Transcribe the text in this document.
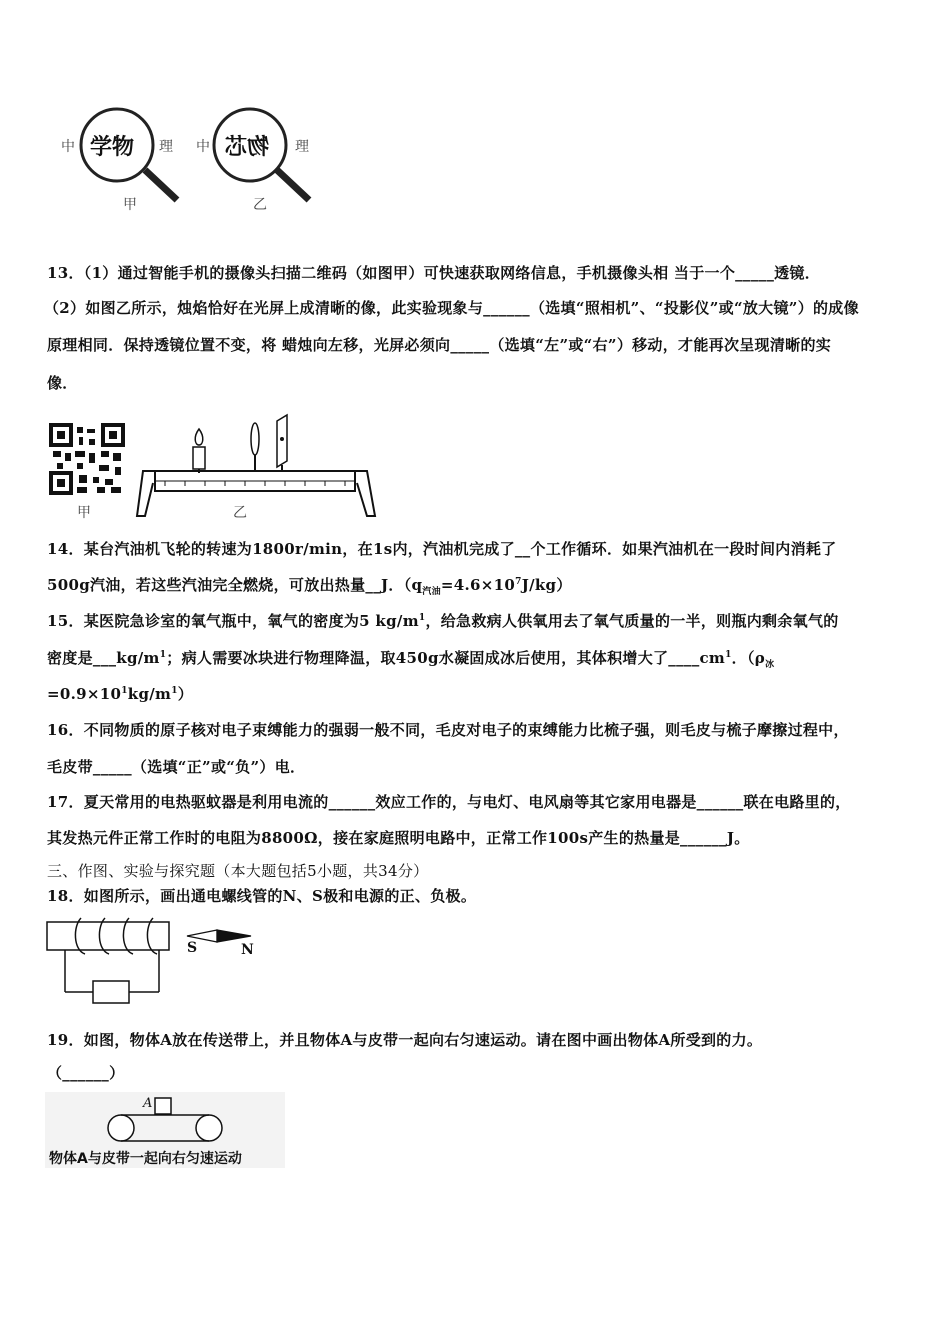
中 学物 理 中 物芯 理
甲	乙
13．（1）通过智能手机的摄像头扫描二维码（如图甲）可快速获取网络信息，手机摄像头相 当于一个_____透镜．
（2）如图乙所示，烛焰恰好在光屏上成清晰的像，此实验现象与______（选填“照相机”、“投影仪”或“放大镜”）的成像
原理相同．保持透镜位置不变，将 蜡烛向左移，光屏必须向_____（选填“左”或“右”）移动，才能再次呈现清晰的实
像．
甲	乙
14．某台汽油机飞轮的转速为1800r/min，在1s内，汽油机完成了__个工作循环．如果汽油机在一段时间内消耗了
500g汽油，若这些汽油完全燃烧，可放出热量__J．$(q_{汽油}=4.6\times 10^7J/kg)$
15．某医院急诊室的氧气瓶中，氧气的密度为5 $kg/m^1$，给急救病人供氧用去了氧气质量的一半，则瓶内剩余氧气的
密度是$\_\_\_kg/m^1$；病人需要冰块进行物理降温，取450g水凝固成冰后使用，其体积增大了$\_\_\_\_cm^1$．（$\rho_冰$
$=0.9\times 10^1kg/m^1$）
16．不同物质的原子核对电子束缚能力的强弱一般不同，毛皮对电子的束缚能力比梳子强，则毛皮与梳子摩擦过程中，
毛皮带_____（选填“正”或“负”）电．
17．夏天常用的电热驱蚊器是利用电流的______效应工作的，与电灯、电风扇等其它家用电器是______联在电路里的，
其发热元件正常工作时的电阻为8800Ω，接在家庭照明电路中，正常工作100s产生的热量是______J。
三、作图、实验与探究题（本大题包括5小题，共34分）
18．如图所示，画出通电螺线管的N、S极和电源的正、负极。
S	N
19．如图，物体A放在传送带上，并且物体A与皮带一起向右匀速运动。请在图中画出物体A所受到的力。
（______）
A
物体A与皮带一起向右匀速运动
